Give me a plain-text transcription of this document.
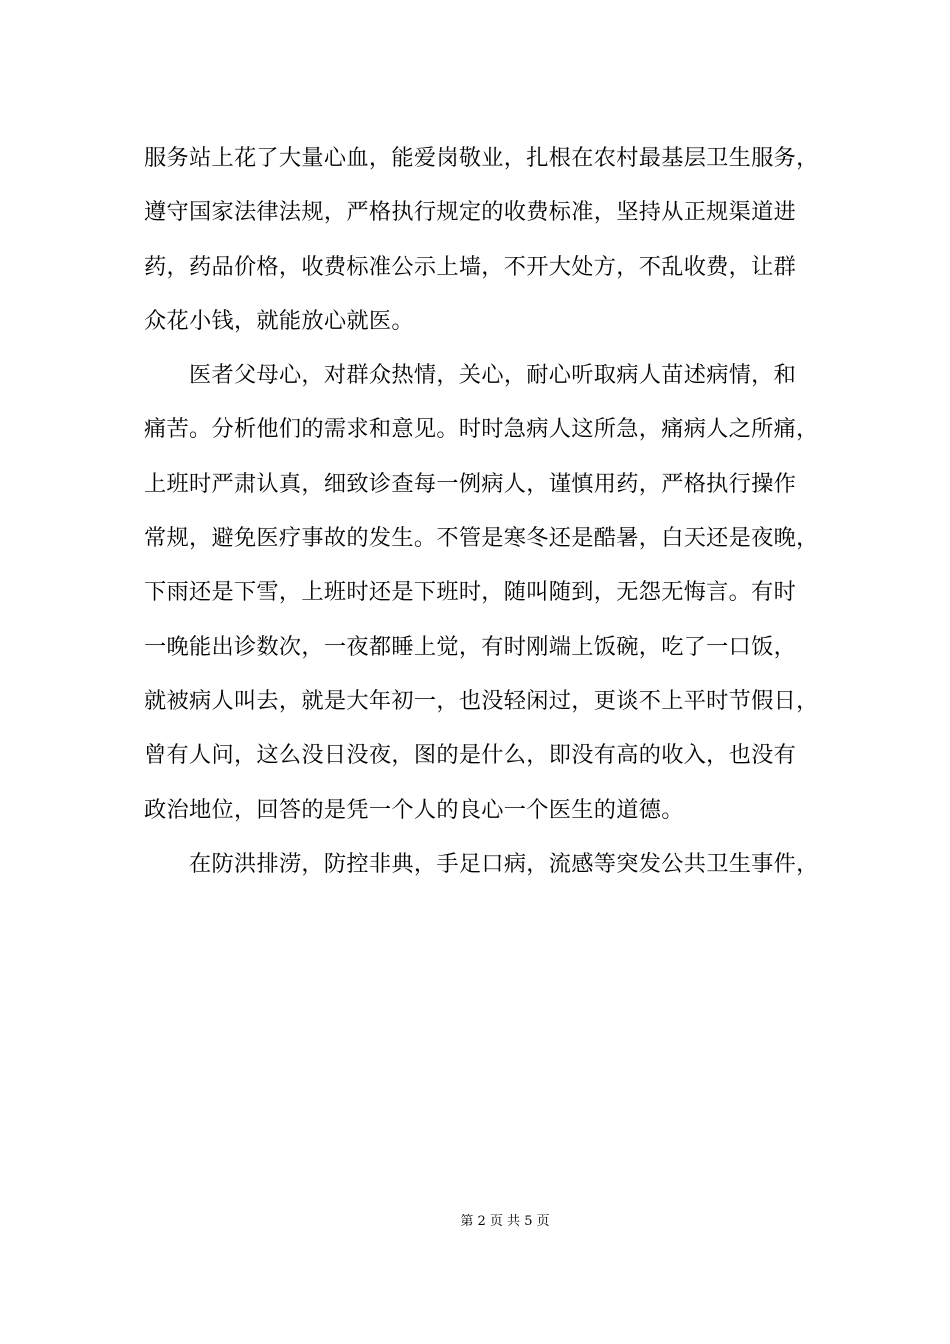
服务站上花了大量心血，能爱岗敬业，扎根在农村最基层卫生服务，
遵守国家法律法规，严格执行规定的收费标准，坚持从正规渠道进
药，药品价格，收费标准公示上墙，不开大处方，不乱收费，让群
众花小钱，就能放心就医。
医者父母心，对群众热情，关心，耐心听取病人苗述病情，和
痛苦。分析他们的需求和意见。时时急病人这所急，痛病人之所痛，
上班时严肃认真，细致诊查每一例病人，谨慎用药，严格执行操作
常规，避免医疗事故的发生。不管是寒冬还是酷暑，白天还是夜晚，
下雨还是下雪，上班时还是下班时，随叫随到，无怨无悔言。有时
一晚能出诊数次，一夜都睡上觉，有时刚端上饭碗，吃了一口饭，
就被病人叫去，就是大年初一，也没轻闲过，更谈不上平时节假日，
曾有人问，这么没日没夜，图的是什么，即没有高的收入，也没有
政治地位，回答的是凭一个人的良心一个医生的道德。
在防洪排涝，防控非典，手足口病，流感等突发公共卫生事件，
第 2 页 共 5 页
